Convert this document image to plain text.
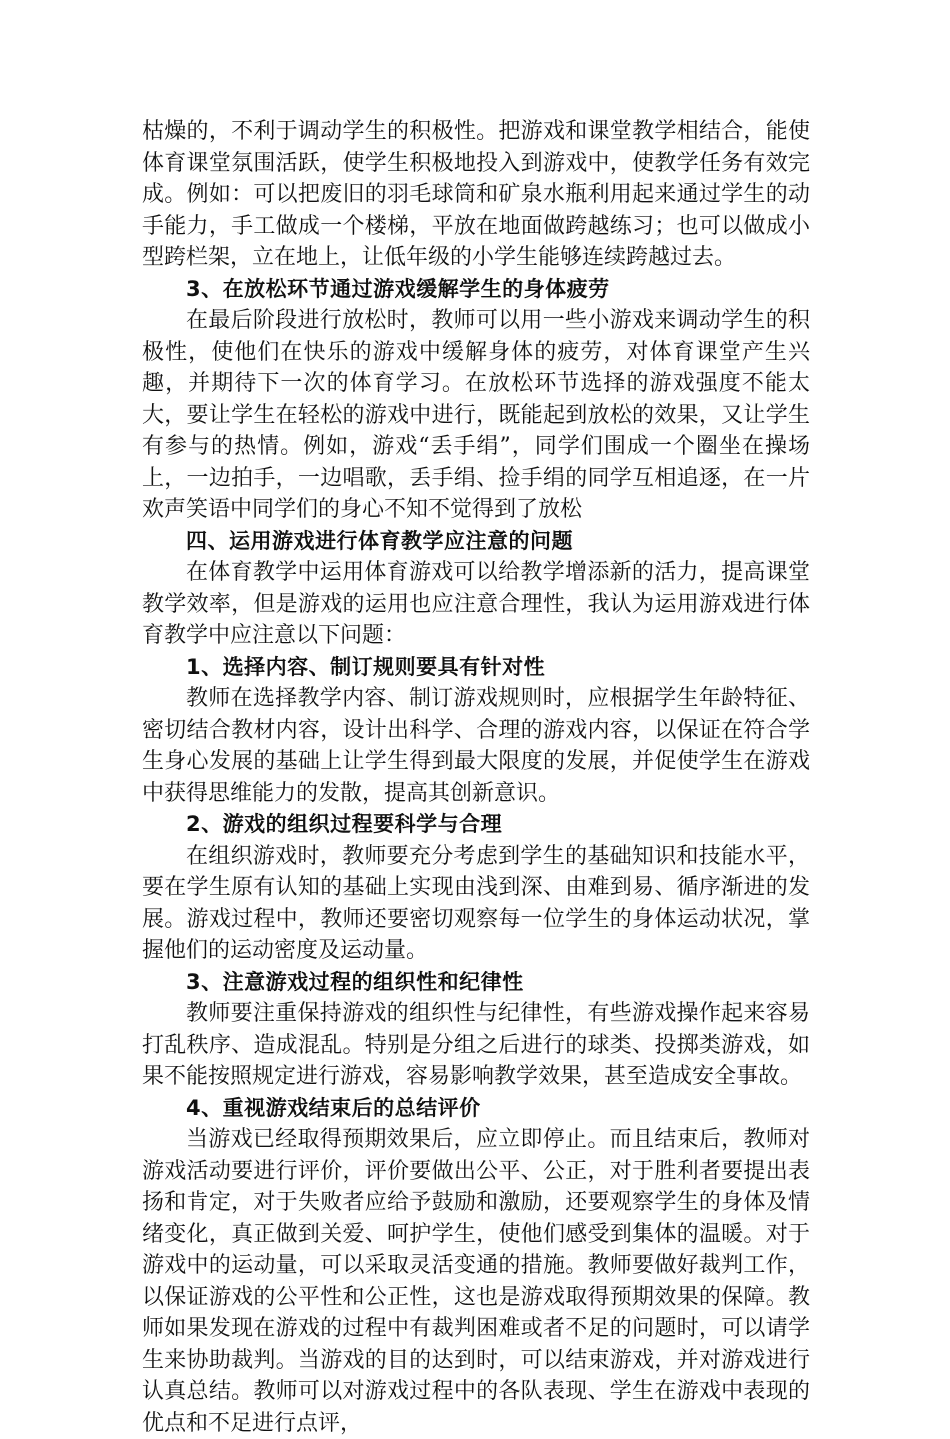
枯燥的，不利于调动学生的积极性。把游戏和课堂教学相结合，能使体育课堂氛围活跃，使学生积极地投入到游戏中，使教学任务有效完成。例如：可以把废旧的羽毛球筒和矿泉水瓶利用起来通过学生的动手能力，手工做成一个楼梯，平放在地面做跨越练习；也可以做成小型跨栏架，立在地上，让低年级的小学生能够连续跨越过去。

3、在放松环节通过游戏缓解学生的身体疲劳

在最后阶段进行放松时，教师可以用一些小游戏来调动学生的积极性，使他们在快乐的游戏中缓解身体的疲劳，对体育课堂产生兴趣，并期待下一次的体育学习。在放松环节选择的游戏强度不能太大，要让学生在轻松的游戏中进行，既能起到放松的效果，又让学生有参与的热情。例如，游戏“丢手绢”，同学们围成一个圈坐在操场上，一边拍手，一边唱歌，丢手绢、捡手绢的同学互相追逐，在一片欢声笑语中同学们的身心不知不觉得到了放松

四、运用游戏进行体育教学应注意的问题

在体育教学中运用体育游戏可以给教学增添新的活力，提高课堂教学效率，但是游戏的运用也应注意合理性，我认为运用游戏进行体育教学中应注意以下问题：

1、选择内容、制订规则要具有针对性

教师在选择教学内容、制订游戏规则时，应根据学生年龄特征、密切结合教材内容，设计出科学、合理的游戏内容，以保证在符合学生身心发展的基础上让学生得到最大限度的发展，并促使学生在游戏中获得思维能力的发散，提高其创新意识。

2、游戏的组织过程要科学与合理

在组织游戏时，教师要充分考虑到学生的基础知识和技能水平，要在学生原有认知的基础上实现由浅到深、由难到易、循序渐进的发展。游戏过程中，教师还要密切观察每一位学生的身体运动状况，掌握他们的运动密度及运动量。

3、注意游戏过程的组织性和纪律性

教师要注重保持游戏的组织性与纪律性，有些游戏操作起来容易打乱秩序、造成混乱。特别是分组之后进行的球类、投掷类游戏，如果不能按照规定进行游戏，容易影响教学效果，甚至造成安全事故。

4、重视游戏结束后的总结评价

当游戏已经取得预期效果后，应立即停止。而且结束后，教师对游戏活动要进行评价，评价要做出公平、公正，对于胜利者要提出表扬和肯定，对于失败者应给予鼓励和激励，还要观察学生的身体及情绪变化，真正做到关爱、呵护学生，使他们感受到集体的温暖。对于游戏中的运动量，可以采取灵活变通的措施。教师要做好裁判工作，以保证游戏的公平性和公正性，这也是游戏取得预期效果的保障。教师如果发现在游戏的过程中有裁判困难或者不足的问题时，可以请学生来协助裁判。当游戏的目的达到时，可以结束游戏，并对游戏进行认真总结。教师可以对游戏过程中的各队表现、学生在游戏中表现的优点和不足进行点评，
